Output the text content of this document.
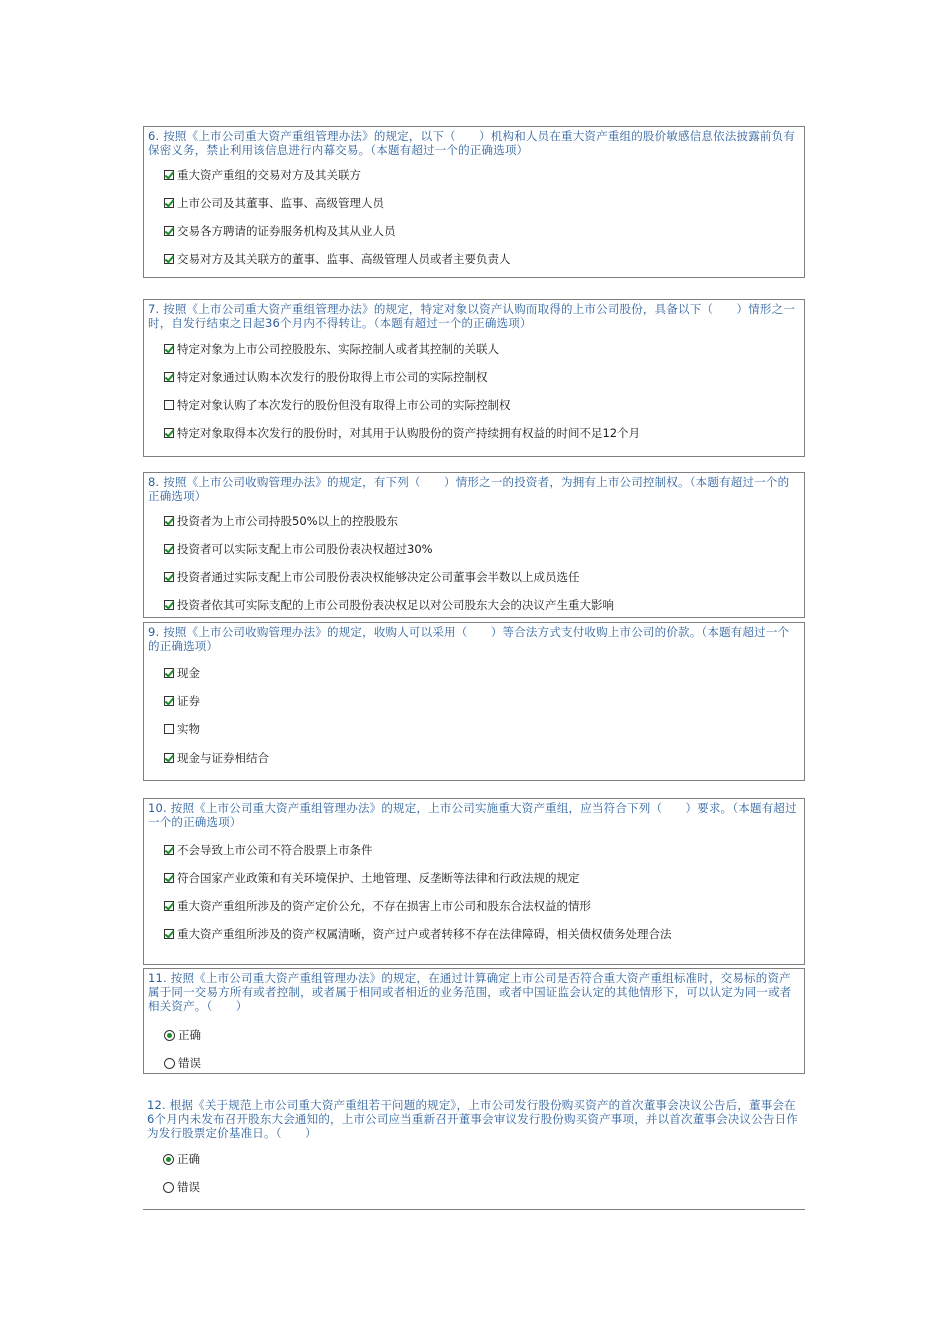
6. 按照《上市公司重大资产重组管理办法》的规定，以下（　　）机构和人员在重大资产重组的股价敏感信息依法披露前负有保密义务，禁止利用该信息进行内幕交易。（本题有超过一个的正确选项）
重大资产重组的交易对方及其关联方
上市公司及其董事、监事、高级管理人员
交易各方聘请的证券服务机构及其从业人员
交易对方及其关联方的董事、监事、高级管理人员或者主要负责人
7. 按照《上市公司重大资产重组管理办法》的规定，特定对象以资产认购而取得的上市公司股份，具备以下（　　）情形之一时，自发行结束之日起36个月内不得转让。（本题有超过一个的正确选项）
特定对象为上市公司控股股东、实际控制人或者其控制的关联人
特定对象通过认购本次发行的股份取得上市公司的实际控制权
特定对象认购了本次发行的股份但没有取得上市公司的实际控制权
特定对象取得本次发行的股份时，对其用于认购股份的资产持续拥有权益的时间不足12个月
8. 按照《上市公司收购管理办法》的规定，有下列（　　）情形之一的投资者，为拥有上市公司控制权。（本题有超过一个的正确选项）
投资者为上市公司持股50%以上的控股股东
投资者可以实际支配上市公司股份表决权超过30%
投资者通过实际支配上市公司股份表决权能够决定公司董事会半数以上成员选任
投资者依其可实际支配的上市公司股份表决权足以对公司股东大会的决议产生重大影响
9. 按照《上市公司收购管理办法》的规定，收购人可以采用（　　）等合法方式支付收购上市公司的价款。（本题有超过一个的正确选项）
现金
证券
实物
现金与证券相结合
10. 按照《上市公司重大资产重组管理办法》的规定，上市公司实施重大资产重组，应当符合下列（　　）要求。（本题有超过一个的正确选项）
不会导致上市公司不符合股票上市条件
符合国家产业政策和有关环境保护、土地管理、反垄断等法律和行政法规的规定
重大资产重组所涉及的资产定价公允，不存在损害上市公司和股东合法权益的情形
重大资产重组所涉及的资产权属清晰，资产过户或者转移不存在法律障碍，相关债权债务处理合法
11. 按照《上市公司重大资产重组管理办法》的规定，在通过计算确定上市公司是否符合重大资产重组标准时，交易标的资产属于同一交易方所有或者控制，或者属于相同或者相近的业务范围，或者中国证监会认定的其他情形下，可以认定为同一或者相关资产。（　　）
正确
错误
12. 根据《关于规范上市公司重大资产重组若干问题的规定》，上市公司发行股份购买资产的首次董事会决议公告后，董事会在6个月内未发布召开股东大会通知的，上市公司应当重新召开董事会审议发行股份购买资产事项，并以首次董事会决议公告日作为发行股票定价基准日。（　　）
正确
错误
